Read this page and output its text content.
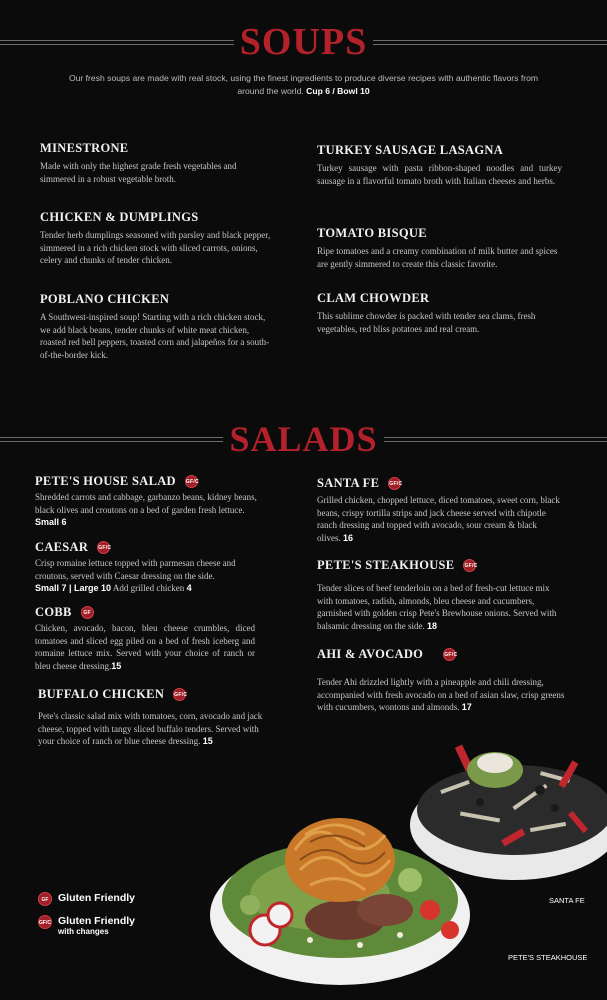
SOUPS
Our fresh soups are made with real stock, using the finest ingredients to produce diverse recipes with authentic flavors from around the world. Cup 6 / Bowl 10
MINESTRONE
Made with only the highest grade fresh vegetables and simmered in a robust vegetable broth.
CHICKEN & DUMPLINGS
Tender herb dumplings seasoned with parsley and black pepper, simmered in a rich chicken stock with sliced carrots, onions, celery and chunks of tender chicken.
POBLANO CHICKEN
A Southwest-inspired soup! Starting with a rich chicken stock, we add black beans, tender chunks of white meat chicken, roasted red bell peppers, toasted corn and jalapeños for a south-of-the-border kick.
TURKEY SAUSAGE LASAGNA
Turkey sausage with pasta ribbon-shaped noodles and turkey sausage in a flavorful tomato broth with Italian cheeses and herbs.
TOMATO BISQUE
Ripe tomatoes and a creamy combination of milk butter and spices are gently simmered to create this classic favorite.
CLAM CHOWDER
This sublime chowder is packed with tender sea clams, fresh vegetables, red bliss potatoes and real cream.
SALADS
PETE'S HOUSE SALAD GF/C
Shredded carrots and cabbage, garbanzo beans, kidney beans, black olives and croutons on a bed of garden fresh lettuce. Small 6
CAESAR GF/C
Crisp romaine lettuce topped with parmesan cheese and croutons, served with Caesar dressing on the side.
Small 7 | Large 10 Add grilled chicken 4
COBB	GF
Chicken, avocado, bacon, bleu cheese crumbles, diced tomatoes and sliced egg piled on a bed of fresh iceberg and romaine lettuce mix. Served with your choice of ranch or bleu cheese dressing.15
BUFFALO CHICKEN GF/C
Pete's classic salad mix with tomatoes, corn, avocado and jack cheese, topped with tangy sliced buffalo tenders. Served with your choice of ranch or blue cheese dressing. 15
SANTA FE GF/C
Grilled chicken, chopped lettuce, diced tomatoes, sweet corn, black beans, crispy tortilla strips and jack cheese served with chipotle ranch dressing and topped with avocado, sour cream & black olives. 16
PETE'S STEAKHOUSE GF/C
Tender slices of beef tenderloin on a bed of fresh-cut lettuce mix with tomatoes, radish, almonds, bleu cheese and cucumbers, garnished with golden crisp Pete's Brewhouse onions. Served with balsamic dressing on the side. 18
AHI & AVOCADO	GF/C
Tender Ahi drizzled lightly with a pineapple and chili dressing, accompanied with fresh avocado on a bed of asian slaw, crisp greens with cucumbers, wontons and almonds. 17
SANTA FE
PETE'S STEAKHOUSE
GF Gluten Friendly
GF/C Gluten Friendly
with changes
